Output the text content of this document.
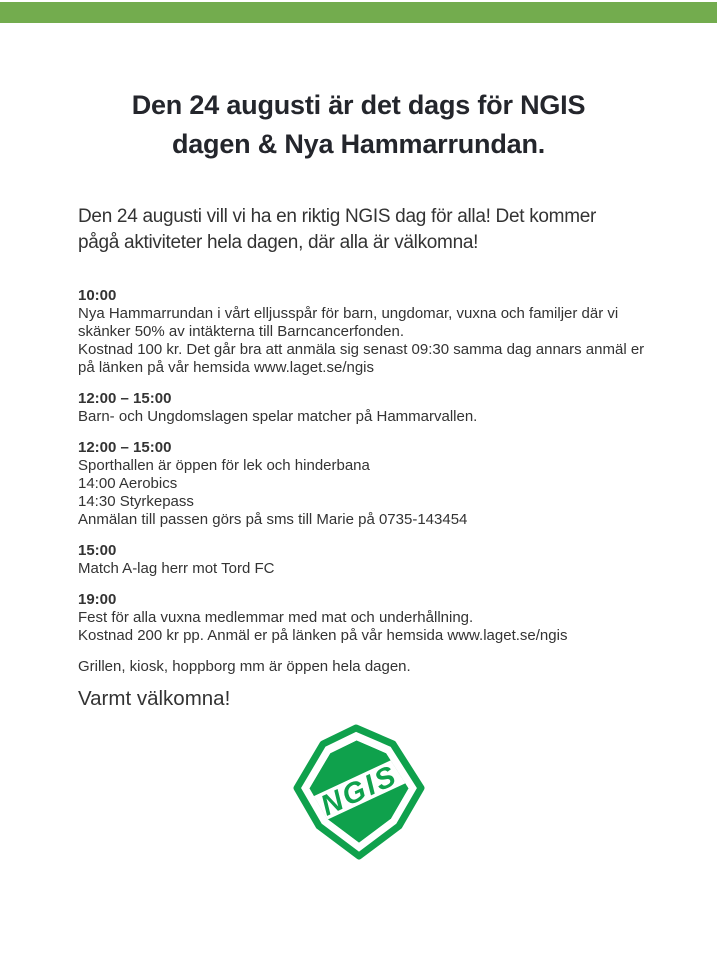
Den 24 augusti är det dags för NGIS
dagen & Nya Hammarrundan.
Den 24 augusti vill vi ha en riktig NGIS dag för alla! Det kommer
pågå aktiviteter hela dagen, där alla är välkomna!
10:00
Nya Hammarrundan i vårt elljusspår för barn, ungdomar, vuxna och familjer där vi
skänker 50% av intäkterna till Barncancerfonden.
Kostnad 100 kr. Det går bra att anmäla sig senast 09:30 samma dag annars anmäl er
på länken på vår hemsida www.laget.se/ngis
12:00 – 15:00
Barn- och Ungdomslagen spelar matcher på Hammarvallen.
12:00 – 15:00
Sporthallen är öppen för lek och hinderbana
14:00 Aerobics
14:30 Styrkepass
Anmälan till passen görs på sms till Marie på 0735-143454
15:00
Match A-lag herr mot Tord FC
19:00
Fest för alla vuxna medlemmar med mat och underhållning.
Kostnad 200 kr pp. Anmäl er på länken på vår hemsida www.laget.se/ngis
Grillen, kiosk, hoppborg mm är öppen hela dagen.
Varmt välkomna!
NGIS
